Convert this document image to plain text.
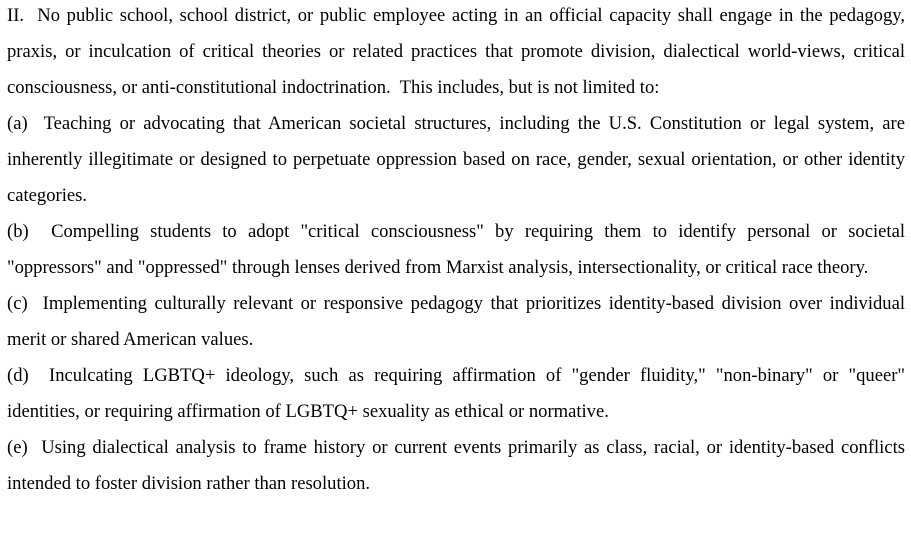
II.  No public school, school district, or public employee acting in an official capacity shall engage in the pedagogy, praxis, or inculcation of critical theories or related practices that promote division, dialectical world-views, critical consciousness, or anti-constitutional indoctrination.  This includes, but is not limited to:

(a)  Teaching or advocating that American societal structures, including the U.S. Constitution or legal system, are inherently illegitimate or designed to perpetuate oppression based on race, gender, sexual orientation, or other identity categories.

(b)  Compelling students to adopt "critical consciousness" by requiring them to identify personal or societal "oppressors" and "oppressed" through lenses derived from Marxist analysis, intersectionality, or critical race theory.

(c)  Implementing culturally relevant or responsive pedagogy that prioritizes identity-based division over individual merit or shared American values.

(d)  Inculcating LGBTQ+ ideology, such as requiring affirmation of "gender fluidity," "non-binary" or "queer" identities, or requiring affirmation of LGBTQ+ sexuality as ethical or normative.

(e)  Using dialectical analysis to frame history or current events primarily as class, racial, or identity-based conflicts intended to foster division rather than resolution.
